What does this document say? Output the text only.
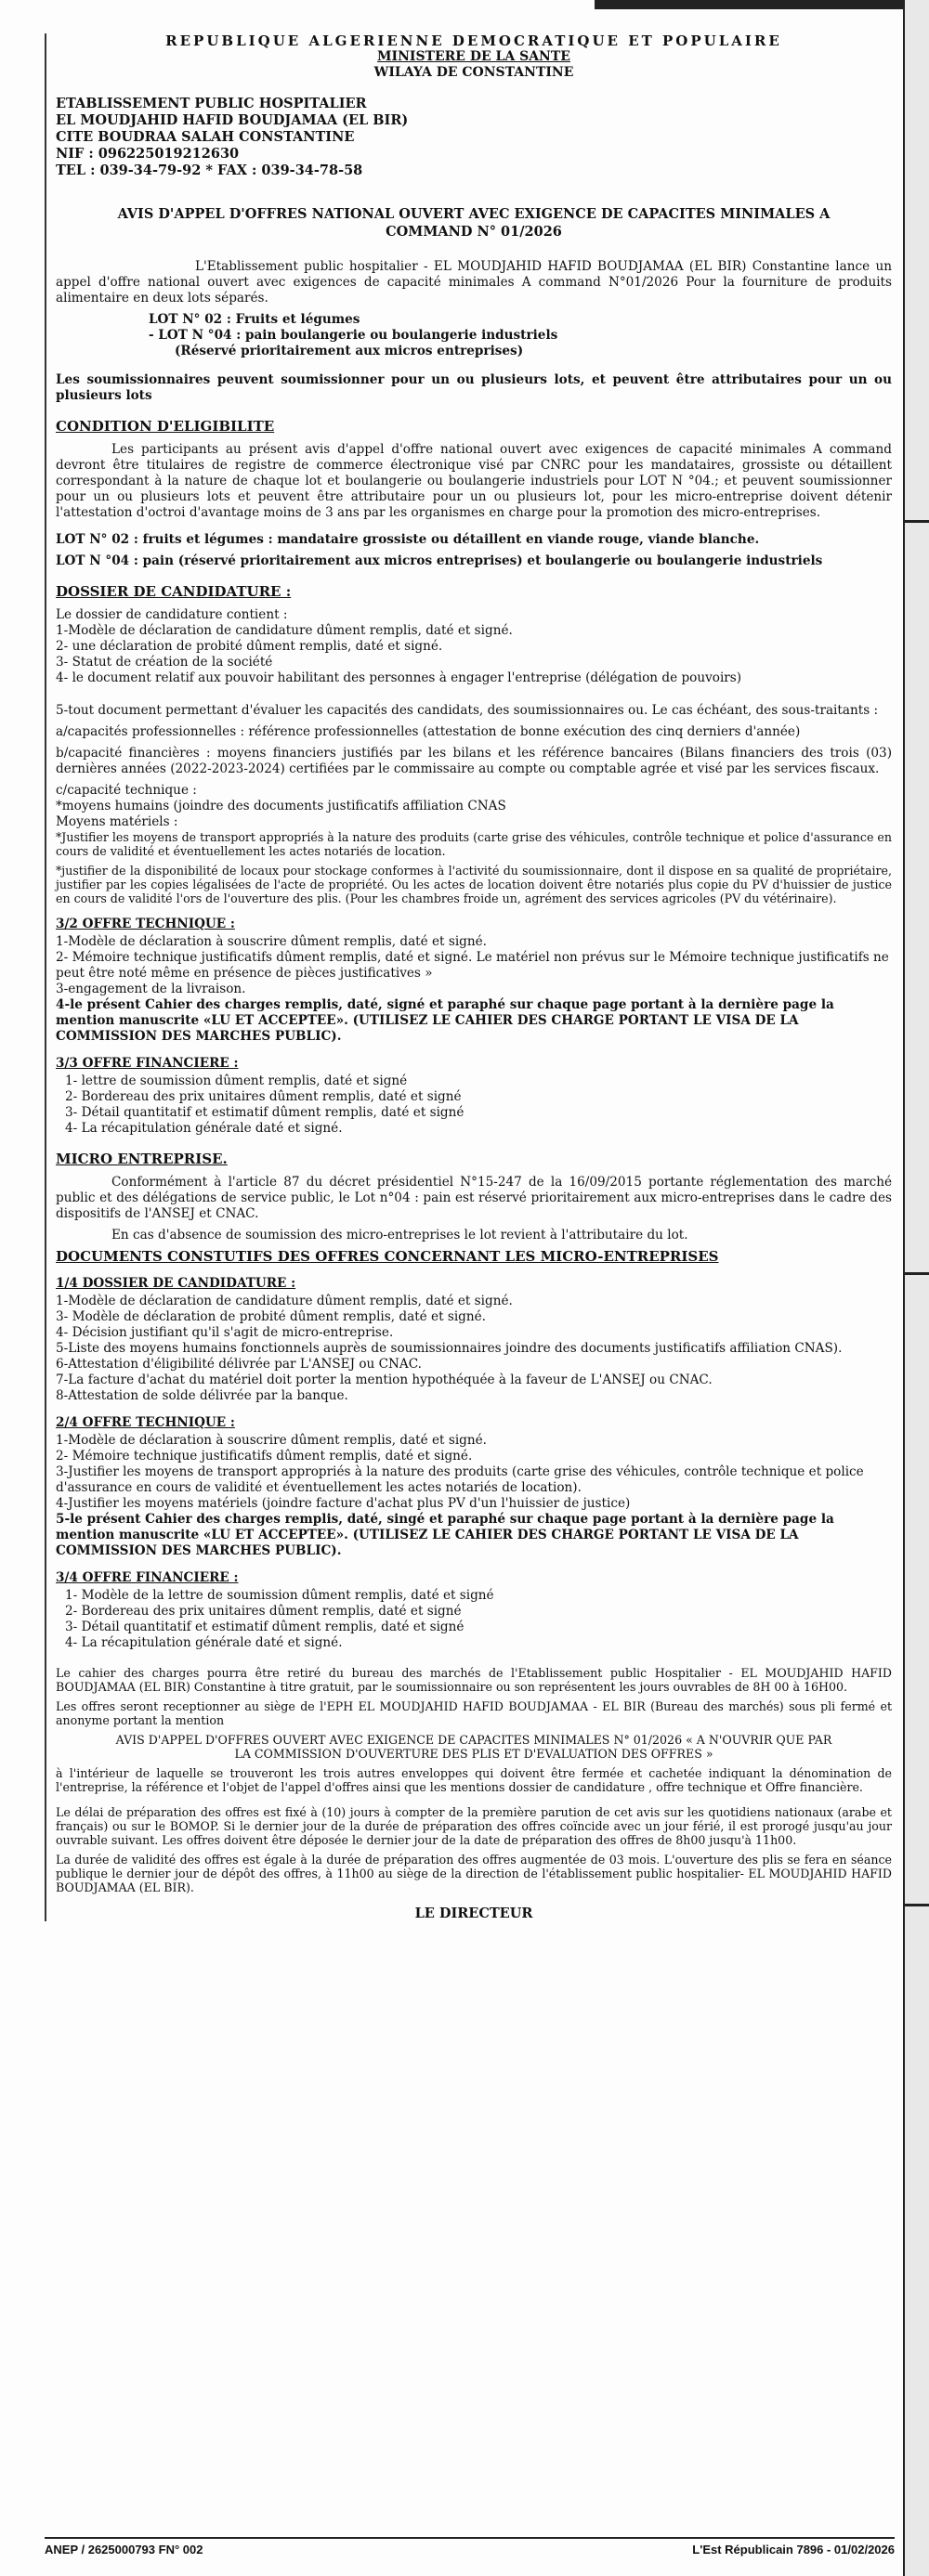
REPUBLIQUE ALGERIENNE DEMOCRATIQUE ET POPULAIRE
MINISTERE DE LA SANTE
WILAYA DE CONSTANTINE
ETABLISSEMENT PUBLIC HOSPITALIER
EL MOUDJAHID HAFID BOUDJAMAA (EL BIR)
CITE BOUDRAA SALAH CONSTANTINE
NIF : 096225019212630
TEL : 039-34-79-92 * FAX : 039-34-78-58
AVIS D'APPEL D'OFFRES NATIONAL OUVERT AVEC EXIGENCE DE CAPACITES MINIMALES A COMMAND N° 01/2026

L'Etablissement public hospitalier - EL MOUDJAHID HAFID BOUDJAMAA (EL BIR) Constantine lance un appel d'offre national ouvert avec exigences de capacité minimales A command N°01/2026 Pour la fourniture de produits alimentaire en deux lots séparés.

LOT N° 02 : Fruits et légumes
- LOT N °04 : pain boulangerie ou boulangerie industriels
(Réservé prioritairement aux micros entreprises)

Les soumissionnaires peuvent soumissionner pour un ou plusieurs lots, et peuvent être attributaires pour un ou plusieurs lots

CONDITION D'ELIGIBILITE

Les participants au présent avis d'appel d'offre national ouvert avec exigences de capacité minimales A command devront être titulaires de registre de commerce électronique visé par CNRC pour les mandataires, grossiste ou détaillent correspondant à la nature de chaque lot et boulangerie ou boulangerie industriels pour LOT N °04.; et peuvent soumissionner pour un ou plusieurs lots et peuvent être attributaire pour un ou plusieurs lot, pour les micro-entreprise doivent détenir l'attestation d'octroi d'avantage moins de 3 ans par les organismes en charge pour la promotion des micro-entreprises.

LOT N° 02 : fruits et légumes : mandataire grossiste ou détaillent en viande rouge, viande blanche.

LOT N °04 : pain (réservé prioritairement aux micros entreprises) et boulangerie ou boulangerie industriels

DOSSIER DE CANDIDATURE :
Le dossier de candidature contient :
1-Modèle de déclaration de candidature dûment remplis, daté et signé.
2- une déclaration de probité dûment remplis, daté et signé.
3- Statut de création de la société
4- le document relatif aux pouvoir habilitant des personnes à engager l'entreprise (délégation de pouvoirs)

5-tout document permettant d'évaluer les capacités des candidats, des soumissionnaires ou. Le cas échéant, des sous-traitants :

a/capacités professionnelles : référence professionnelles (attestation de bonne exécution des cinq derniers d'année)

b/capacité financières : moyens financiers justifiés par les bilans et les référence bancaires (Bilans financiers des trois (03) dernières années (2022-2023-2024) certifiées par le commissaire au compte ou comptable agrée et visé par les services fiscaux.

c/capacité technique :
*moyens humains (joindre des documents justificatifs affiliation CNAS
Moyens matériels :

*Justifier les moyens de transport appropriés à la nature des produits (carte grise des véhicules, contrôle technique et police d'assurance en cours de validité et éventuellement les actes notariés de location.

*justifier de la disponibilité de locaux pour stockage conformes à l'activité du soumissionnaire, dont il dispose en sa qualité de propriétaire, justifier par les copies légalisées de l'acte de propriété. Ou les actes de location doivent être notariés plus copie du PV d'huissier de justice en cours de validité l'ors de l'ouverture des plis. (Pour les chambres froide un, agrément des services agricoles (PV du vétérinaire).

3/2 OFFRE TECHNIQUE :
1-Modèle de déclaration à souscrire dûment remplis, daté et signé.
2- Mémoire technique justificatifs dûment remplis, daté et signé. Le matériel non prévus sur le Mémoire technique justificatifs ne peut être noté même en présence de pièces justificatives »
3-engagement de la livraison.
4-le présent Cahier des charges remplis, daté, signé et paraphé sur chaque page portant à la dernière page la mention manuscrite «LU ET ACCEPTEE». (UTILISEZ LE CAHIER DES CHARGE PORTANT LE VISA DE LA COMMISSION DES MARCHES PUBLIC).
3/3 OFFRE FINANCIERE :
1- lettre de soumission dûment remplis, daté et signé
2- Bordereau des prix unitaires dûment remplis, daté et signé
3- Détail quantitatif et estimatif dûment remplis, daté et signé
4- La récapitulation générale daté et signé.
MICRO ENTREPRISE.

Conformément à l'article 87 du décret présidentiel N°15-247 de la 16/09/2015 portante réglementation des marché public et des délégations de service public, le Lot n°04 : pain est réservé prioritairement aux micro-entreprises dans le cadre des dispositifs de l'ANSEJ et CNAC.

En cas d'absence de soumission des micro-entreprises le lot revient à l'attributaire du lot.

DOCUMENTS CONSTUTIFS DES OFFRES CONCERNANT LES MICRO-ENTREPRISES
1/4 DOSSIER DE CANDIDATURE :
1-Modèle de déclaration de candidature dûment remplis, daté et signé.
3- Modèle de déclaration de probité dûment remplis, daté et signé.
4- Décision justifiant qu'il s'agit de micro-entreprise.
5-Liste des moyens humains fonctionnels auprès de soumissionnaires joindre des documents justificatifs affiliation CNAS).
6-Attestation d'éligibilité délivrée par L'ANSEJ ou CNAC.
7-La facture d'achat du matériel doit porter la mention hypothéquée à la faveur de L'ANSEJ ou CNAC.
8-Attestation de solde délivrée par la banque.
2/4 OFFRE TECHNIQUE :
1-Modèle de déclaration à souscrire dûment remplis, daté et signé.
2- Mémoire technique justificatifs dûment remplis, daté et signé.
3-Justifier les moyens de transport appropriés à la nature des produits (carte grise des véhicules, contrôle technique et police d'assurance en cours de validité et éventuellement les actes notariés de location).
4-Justifier les moyens matériels (joindre facture d'achat plus PV d'un l'huissier de justice)
5-le présent Cahier des charges remplis, daté, singé et paraphé sur chaque page portant à la dernière page la mention manuscrite «LU ET ACCEPTEE». (UTILISEZ LE CAHIER DES CHARGE PORTANT LE VISA DE LA COMMISSION DES MARCHES PUBLIC).
3/4 OFFRE FINANCIERE :
1- Modèle de la lettre de soumission dûment remplis, daté et signé
2- Bordereau des prix unitaires dûment remplis, daté et signé
3- Détail quantitatif et estimatif dûment remplis, daté et signé
4- La récapitulation générale daté et signé.

Le cahier des charges pourra être retiré du bureau des marchés de l'Etablissement public Hospitalier - EL MOUDJAHID HAFID BOUDJAMAA (EL BIR) Constantine à titre gratuit, par le soumissionnaire ou son représentent les jours ouvrables de 8H 00 à 16H00.

Les offres seront receptionner au siège de l'EPH EL MOUDJAHID HAFID BOUDJAMAA - EL BIR (Bureau des marchés) sous pli fermé et anonyme portant la mention

AVIS D'APPEL D'OFFRES OUVERT AVEC EXIGENCE DE CAPACITES MINIMALES N° 01/2026 « A N'OUVRIR QUE PAR LA COMMISSION D'OUVERTURE DES PLIS ET D'EVALUATION DES OFFRES »

à l'intérieur de laquelle se trouveront les trois autres enveloppes qui doivent être fermée et cachetée indiquant la dénomination de l'entreprise, la référence et l'objet de l'appel d'offres ainsi que les mentions dossier de candidature , offre technique et Offre financière.

Le délai de préparation des offres est fixé à (10) jours à compter de la première parution de cet avis sur les quotidiens nationaux (arabe et français) ou sur le BOMOP. Si le dernier jour de la durée de préparation des offres coïncide avec un jour férié, il est prorogé jusqu'au jour ouvrable suivant. Les offres doivent être déposée le dernier jour de la date de préparation des offres de 8h00 jusqu'à 11h00.

La durée de validité des offres est égale à la durée de préparation des offres augmentée de 03 mois. L'ouverture des plis se fera en séance publique le dernier jour de dépôt des offres, à 11h00 au siège de la direction de l'établissement public hospitalier- EL MOUDJAHID HAFID BOUDJAMAA (EL BIR).

LE DIRECTEUR
ANEP / 2625000793 FN° 002	L'Est Républicain 7896 - 01/02/2026
